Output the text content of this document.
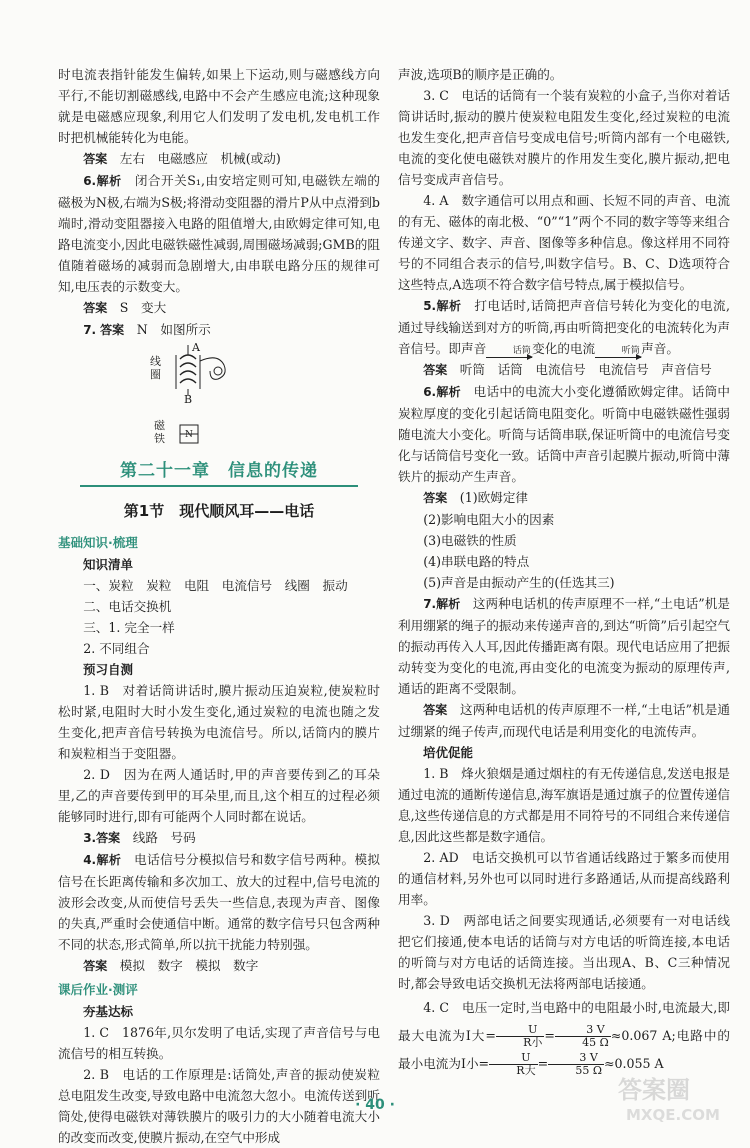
时电流表指针能发生偏转,如果上下运动,则与磁感线方向平行,不能切割磁感线,电路中不会产生感应电流;这种现象就是电磁感应现象,利用它人们发明了发电机,发电机工作时把机械能转化为电能。

答案　 左右　电磁感应　机械(或动)

6.解析　 闭合开关S₁,由安培定则可知,电磁铁左端的磁极为N极,右端为S极;将滑动变阻器的滑片P从中点滑到b端时,滑动变阻器接入电路的阻值增大,由欧姆定律可知,电路电流变小,因此电磁铁磁性减弱,周围磁场减弱;GMB的阻值随着磁场的减弱而急剧增大,由串联电路分压的规律可知,电压表的示数变大。

答案　 S　变大

7. 答案　 N　如图所示

A
B
线圈
磁铁 N
第二十一章　信息的传递
第1节　现代顺风耳——电话
基础知识·梳理
知识清单

一、炭粒　炭粒　电阻　电流信号　线圈　振动

二、电话交换机

三、1. 完全一样

2. 不同组合

预习自测

1. B　对着话筒讲话时,膜片振动压迫炭粒,使炭粒时松时紧,电阻时大时小发生变化,通过炭粒的电流也随之发生变化,把声音信号转换为电流信号。所以,话筒内的膜片和炭粒相当于变阻器。

2. D　因为在两人通话时,甲的声音要传到乙的耳朵里,乙的声音要传到甲的耳朵里,而且,这个相互的过程必须能够同时进行,即有可能两个人同时都在说话。

3.答案　 线路　号码

4.解析　 电话信号分模拟信号和数字信号两种。模拟信号在长距离传输和多次加工、放大的过程中,信号电流的波形会改变,从而使信号丢失一些信息,表现为声音、图像的失真,严重时会使通信中断。通常的数字信号只包含两种不同的状态,形式简单,所以抗干扰能力特别强。

答案　 模拟　数字　模拟　数字

课后作业·测评
夯基达标

1. C　1876年,贝尔发明了电话,实现了声音信号与电流信号的相互转换。

2. B　电话的工作原理是:话筒处,声音的振动使炭粒总电阻发生改变,导致电路中电流忽大忽小。电流传送到听筒处,使得电磁铁对薄铁膜片的吸引力的大小随着电流大小的改变而改变,使膜片振动,在空气中形成

声波,选项B的顺序是正确的。

3. C　电话的话筒有一个装有炭粒的小盒子,当你对着话筒讲话时,振动的膜片使炭粒电阻发生变化,经过炭粒的电流也发生变化,把声音信号变成电信号;听筒内部有一个电磁铁,电流的变化使电磁铁对膜片的作用发生变化,膜片振动,把电信号变成声音信号。

4. A　数字通信可以用点和画、长短不同的声音、电流的有无、磁体的南北极、“0”“1”两个不同的数字等等来组合传递文字、数字、声音、图像等多种信息。像这样用不同符号的不同组合表示的信号,叫数字信号。B、C、D选项符合这些特点,A选项不符合数字信号特点,属于模拟信号。

5.解析　 打电话时,话筒把声音信号转化为变化的电流,通过导线输送到对方的听筒,再由听筒把变化的电流转化为声音信号。即声音	话筒 变化的电流	听筒 声音。

答案　 听筒　话筒　电流信号　电流信号　声音信号

6.解析　 电话中的电流大小变化遵循欧姆定律。话筒中炭粒厚度的变化引起话筒电阻变化。听筒中电磁铁磁性强弱随电流大小变化。听筒与话筒串联,保证听筒中的电流信号变化与话筒信号变化一致。话筒中声音引起膜片振动,听筒中薄铁片的振动产生声音。

答案　 (1)欧姆定律

(2)影响电阻大小的因素

(3)电磁铁的性质

(4)串联电路的特点

(5)声音是由振动产生的(任选其三)

7.解析　 这两种电话机的传声原理不一样,“土电话”机是利用绷紧的绳子的振动来传递声音的,到达“听筒”后引起空气的振动再传入人耳,因此传播距离有限。现代电话应用了把振动转变为变化的电流,再由变化的电流变为振动的原理传声,通话的距离不受限制。

答案　 这两种电话机的传声原理不一样,“土电话”机是通过绷紧的绳子传声,而现代电话是利用变化的电流传声。

培优促能

1. B　烽火狼烟是通过烟柱的有无传递信息,发送电报是通过电流的通断传递信息,海军旗语是通过旗子的位置传递信息,这些传递信息的方式都是用不同符号的不同组合来传递信息,因此这些都是数字通信。

2. AD　电话交换机可以节省通话线路过于繁多而使用的通信材料,另外也可以同时进行多路通话,从而提高线路利用率。

3. D　两部电话之间要实现通话,必须要有一对电话线把它们接通,使本电话的话筒与对方电话的听筒连接,本电话的听筒与对方电话的话筒连接。当出现A、B、C三种情况时,都会导致电话交换机无法将两部电话接通。

4. C　电压一定时,当电路中的电阻最小时,电流最大,即最大电流为I大= $\frac{U}{\text{R小}} = \frac{3 V}{45 \Omega} \approx 0.067$ A;电路中的最小电流为I小= $\frac{U}{\text{R大}} = \frac{3 V}{55 \Omega} \approx 0.055$ A

· 40 ·
答案圈
MXQE.COM
